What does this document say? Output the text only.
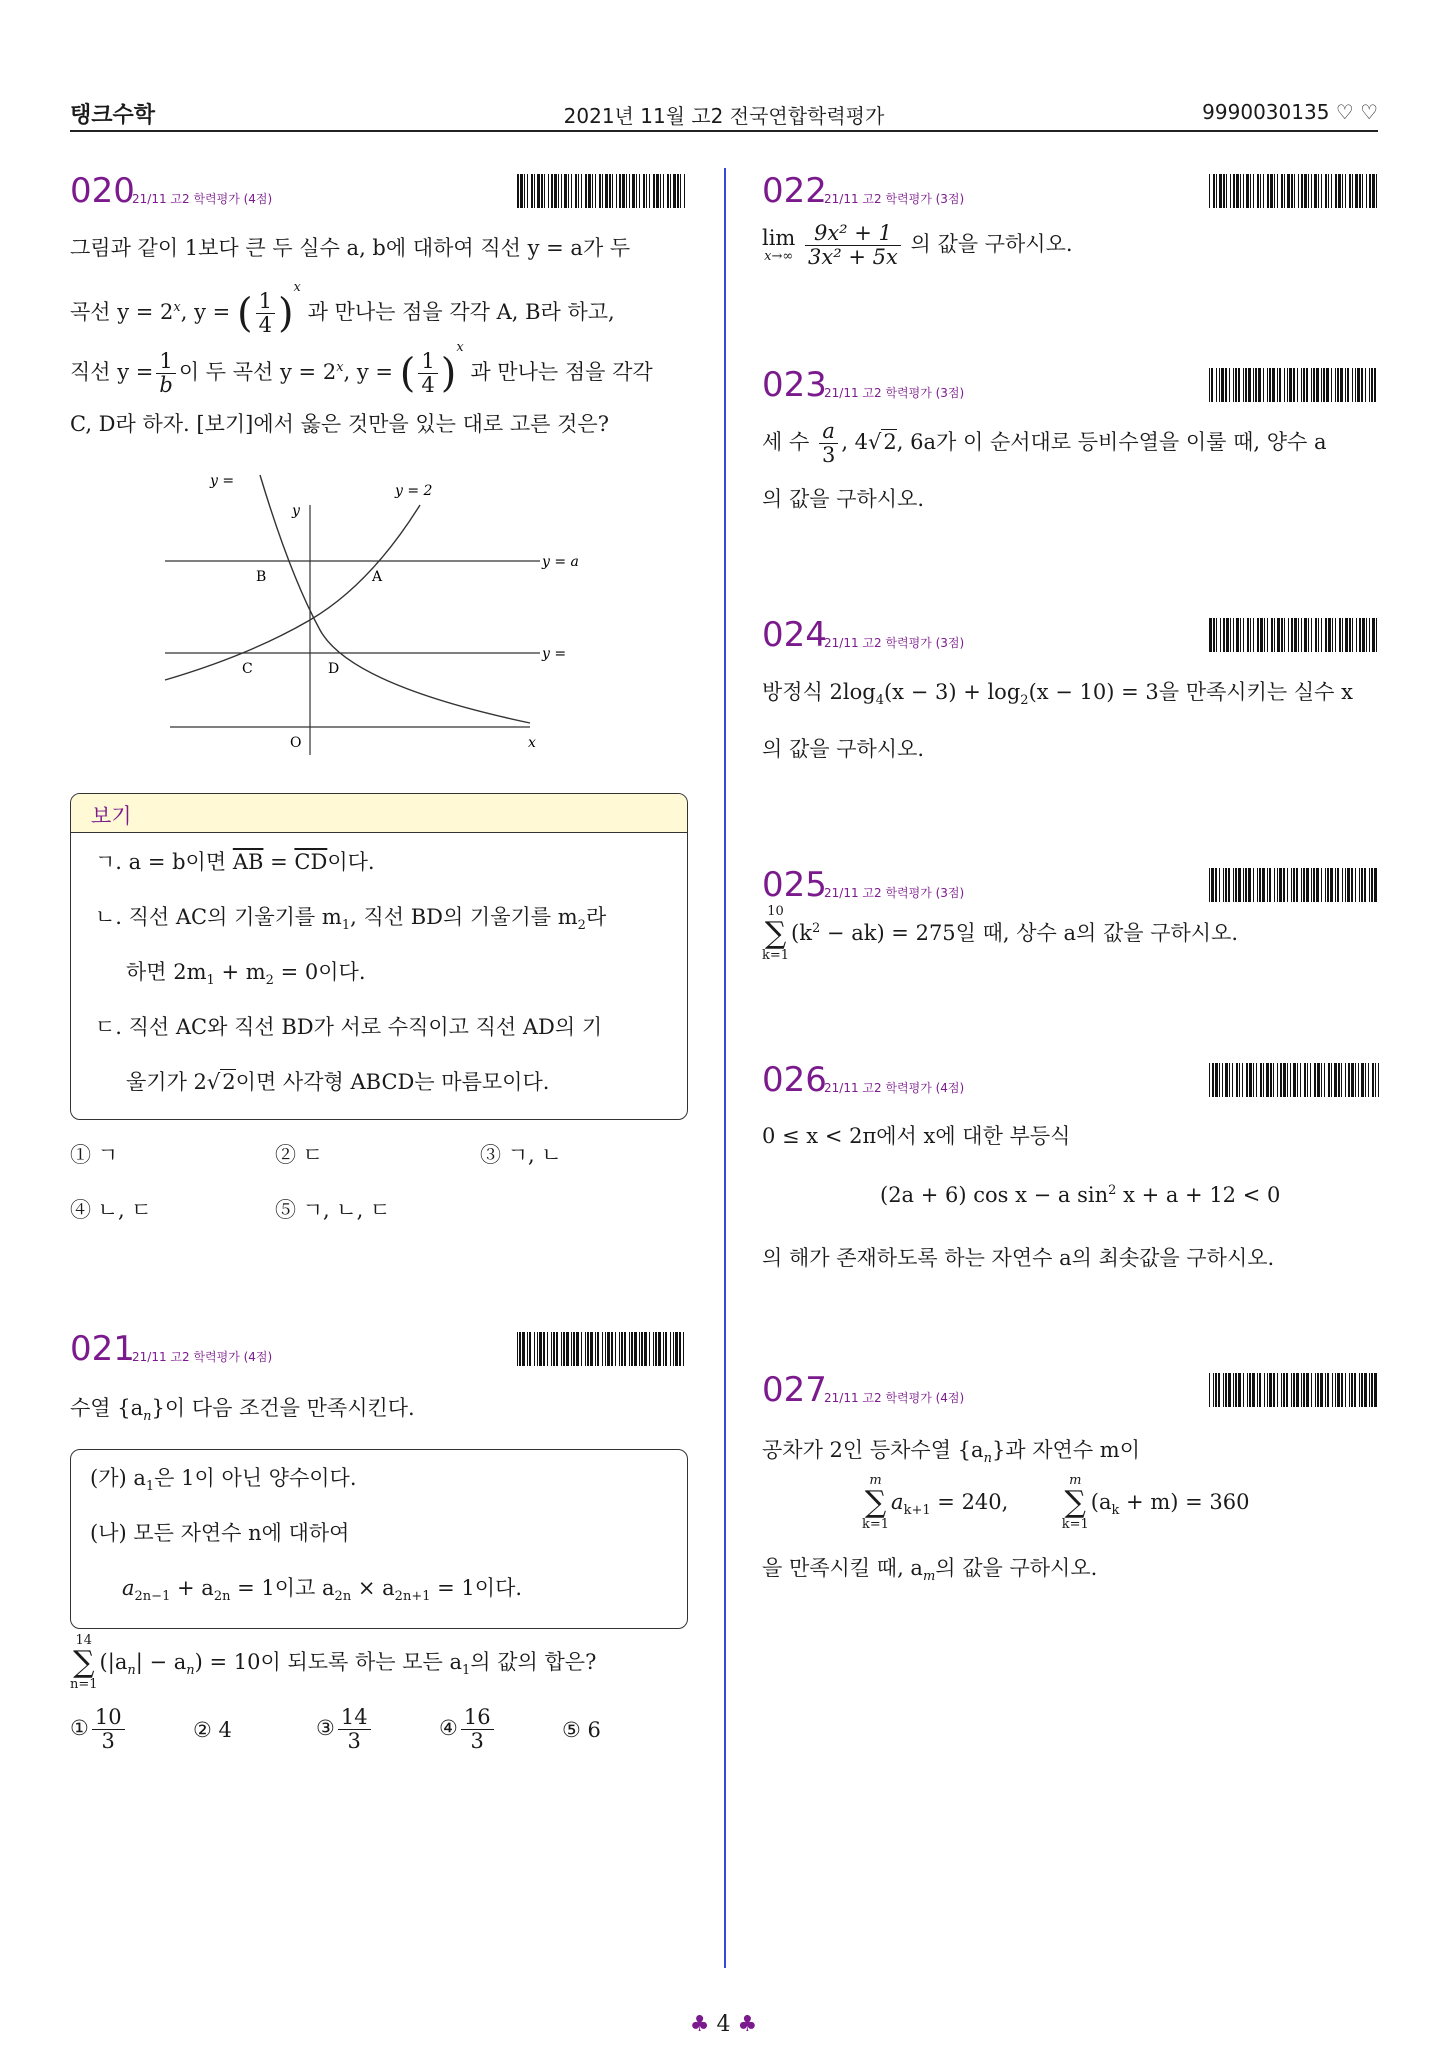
탱크수학	2021년 11월 고2 전국연합학력평가	9990030135 ♡ ♡
020
21/11 고2 학력평가 (4점)
그림과 같이 1보다 큰 두 실수 a, b에 대하여 직선 y = a가 두
곡선 $y = 2^x$, y = ( $\frac{1}{4} )^x$ 과 만나는 점을 각각 A, B라 하고,
직선 $y = \frac{1}{b}$ 이 두 곡선 $y = 2^x$, y = ( $\frac{1}{4} )^x$ 과 만나는 점을 각각
C, D라 하자. [보기]에서 옳은 것만을 있는 대로 고른 것은?
y =
y = 2
y
x
O
y = a
y =
A
B
C	D
보기
ㄱ. a = b이면 $\overline{AB} = \overline{CD}$이다.
ㄴ. 직선 AC의 기울기를 $m_1$, 직선 BD의 기울기를 $m_2$라
하면 $2m_1 + m_2 = 0$이다.
ㄷ. 직선 AC와 직선 BD가 서로 수직이고 직선 AD의 기
울기가 2√2이면 사각형 ABCD는 마름모이다.
① ㄱ	② ㄷ	③ ㄱ, ㄴ
④ ㄴ, ㄷ	⑤ ㄱ, ㄴ, ㄷ
021
21/11 고2 학력평가 (4점)
수열 $\{a_n\}$이 다음 조건을 만족시킨다.
(가) $a_1$은 1이 아닌 양수이다.
(나) 모든 자연수 n에 대하여
$a_{2n-1} + a_{2n} = 1$이고 $a_{2n} \times a_{2n+1} = 1$이다.
14
∑
n=1
$(|a_n| - a_n) = 10$이 되도록 하는 모든 $a_1$의 값의 합은?
① $\frac{10}{3}$	② 4	③ $\frac{14}{3}$	④ $\frac{16}{3}$	⑤ 6
022
21/11 고2 학력평가 (3점)
lim
x→∞
$\frac{\text{9x² + 1}}{\text{3x² + 5x}}$ 의 값을 구하시오.
023
21/11 고2 학력평가 (3점)
세 수 $\frac{a}{3}$ , 4√2, 6a가 이 순서대로 등비수열을 이룰 때, 양수 a
의 값을 구하시오.
024
21/11 고2 학력평가 (3점)
방정식 $2\log_4(x - 3) + \log_2(x - 10) = 3$을 만족시키는 실수 x
의 값을 구하시오.
025
21/11 고2 학력평가 (3점)
10
∑
k=1
$(k^2 - ak) = 275$일 때, 상수 a의 값을 구하시오.
026
21/11 고2 학력평가 (4점)
0 ≤ x < 2π에서 x에 대한 부등식
(2a + 6) cos x − a $\sin^2 x + a + 12 < 0$
의 해가 존재하도록 하는 자연수 a의 최솟값을 구하시오.
027
21/11 고2 학력평가 (4점)
공차가 2인 등차수열 $\{a_n\}$과 자연수 m이
m
∑
k=1
$a_{k+1} = 240$,
m
∑
k=1
$(a_k + m) = 360$
을 만족시킬 때, $a_m$의 값을 구하시오.
♣ 4 ♣
